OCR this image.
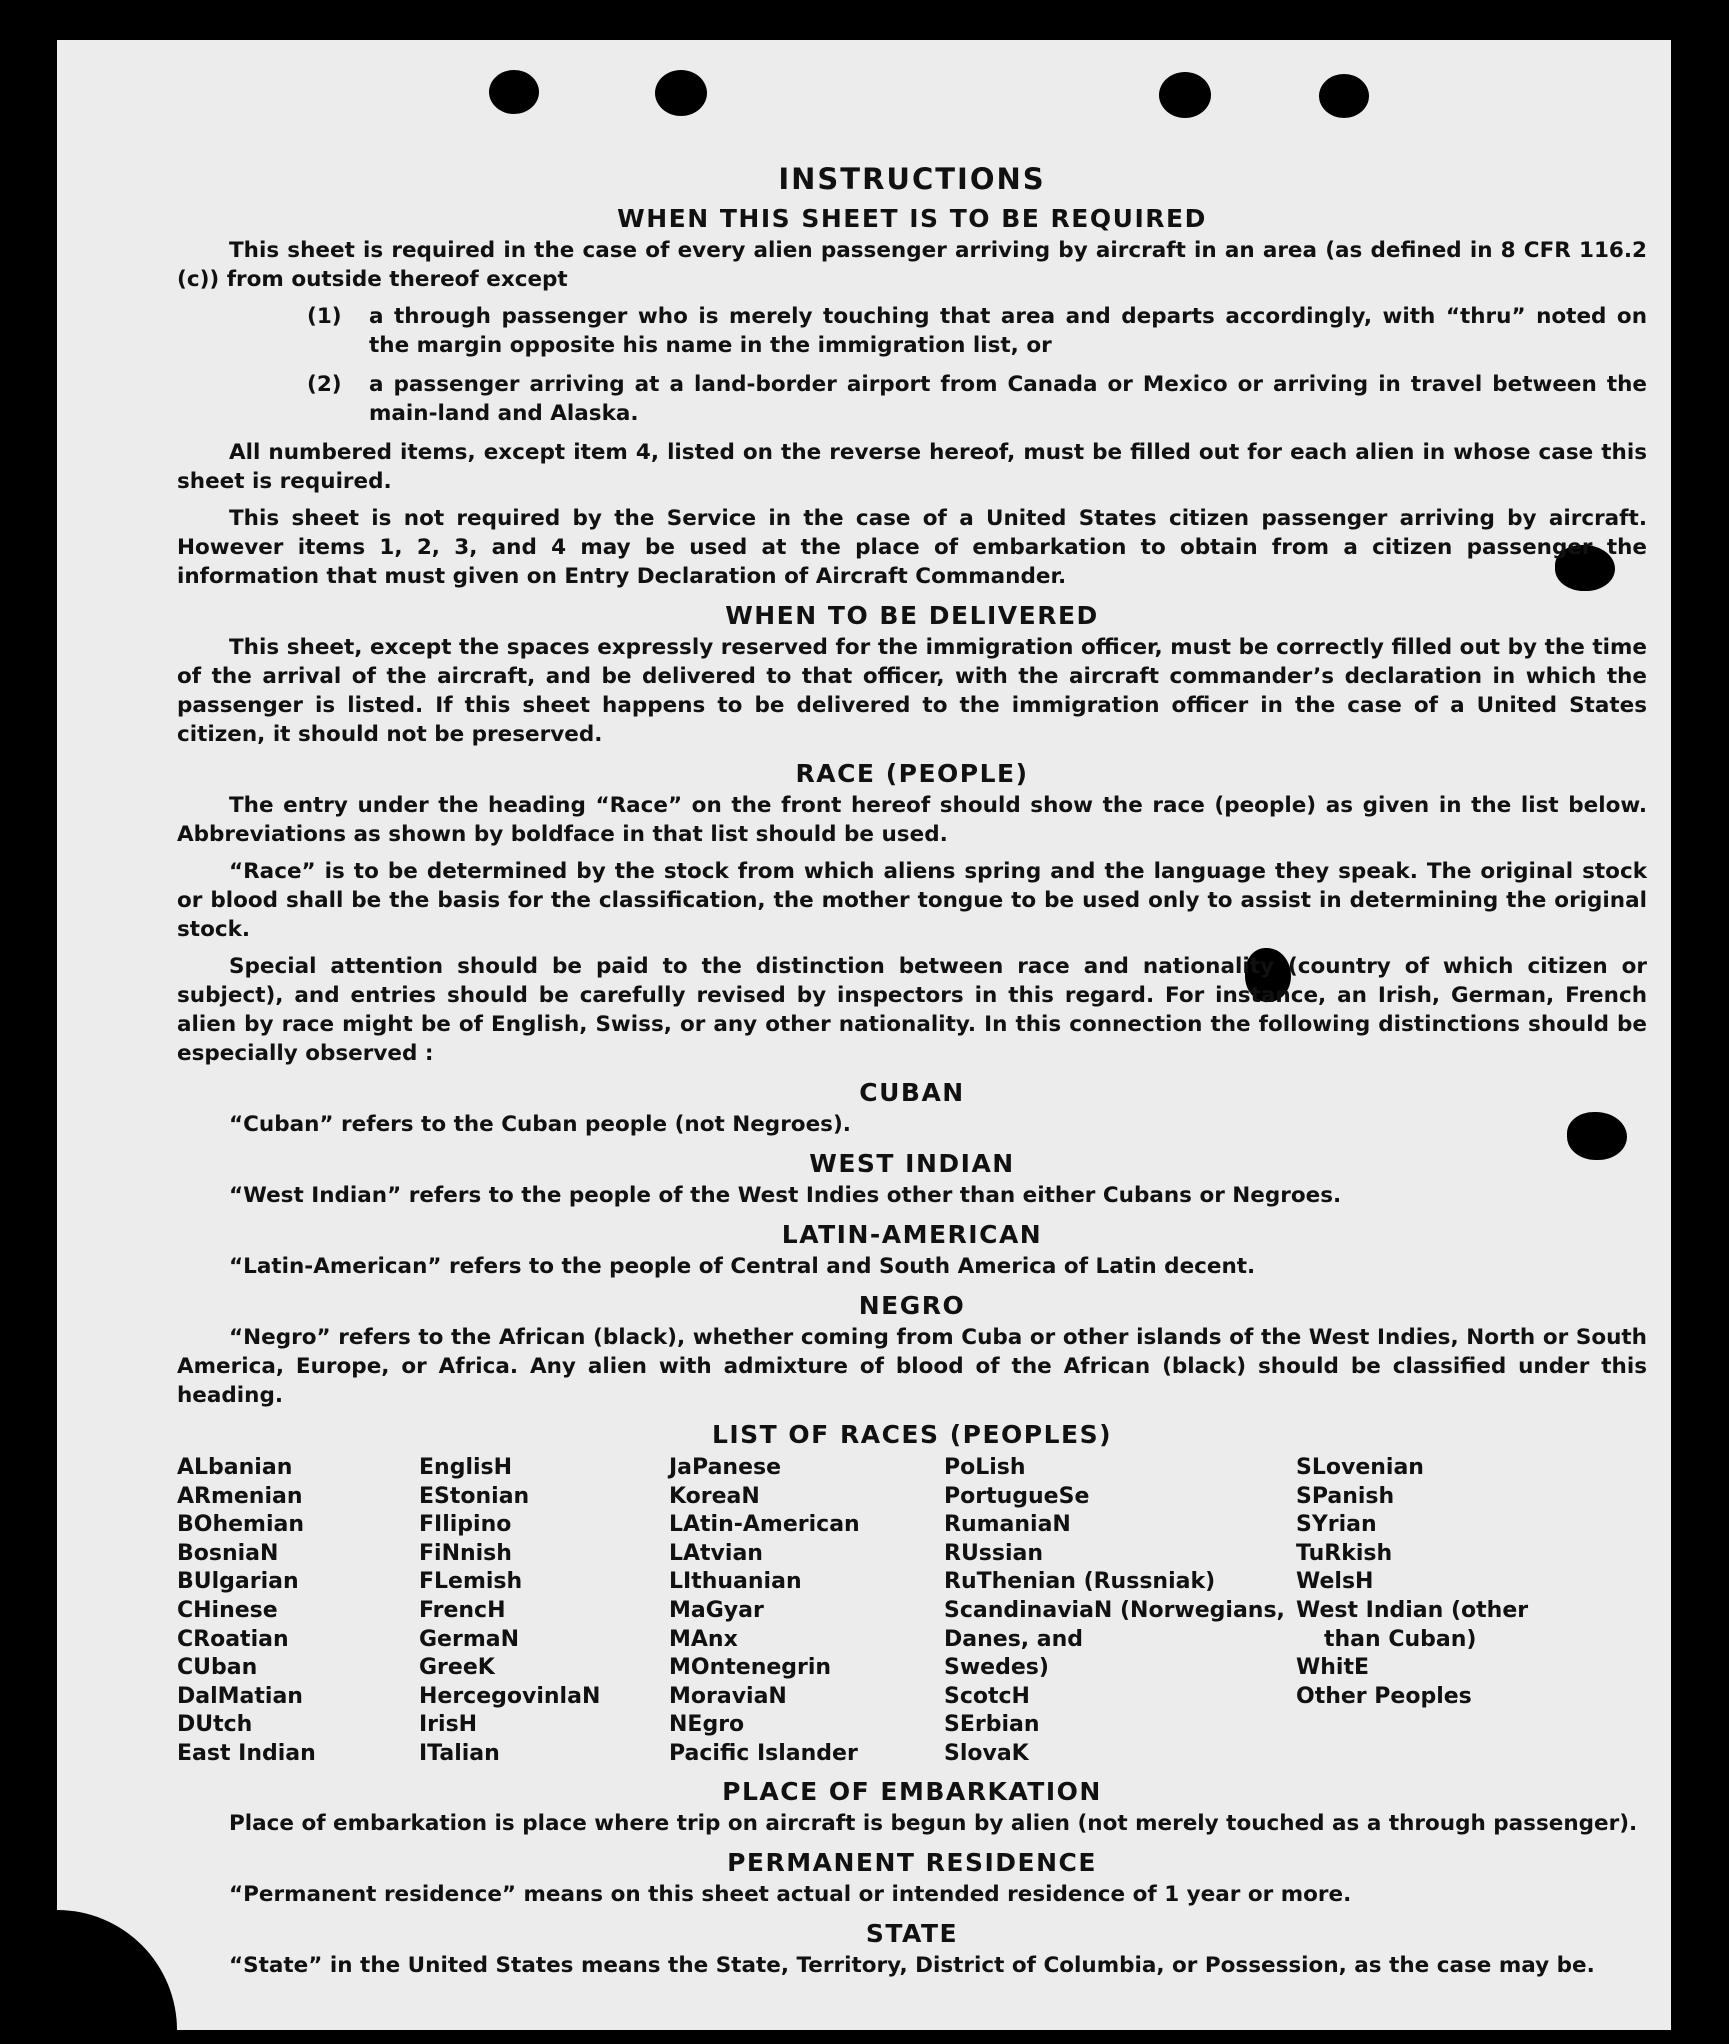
INSTRUCTIONS
WHEN THIS SHEET IS TO BE REQUIRED

This sheet is required in the case of every alien passenger arriving by aircraft in an area (as defined in 8 CFR 116.2 (c)) from outside thereof except

(1)	a through passenger who is merely touching that area and departs accordingly, with “thru” noted on the margin opposite his name in the immigration list, or
(2)	a passenger arriving at a land-border airport from Canada or Mexico or arriving in travel between the main-land and Alaska.

All numbered items, except item 4, listed on the reverse hereof, must be filled out for each alien in whose case this sheet is required.

This sheet is not required by the Service in the case of a United States citizen passenger arriving by aircraft. However items 1, 2, 3, and 4 may be used at the place of embarkation to obtain from a citizen passenger the information that must given on Entry Declaration of Aircraft Commander.

WHEN TO BE DELIVERED

This sheet, except the spaces expressly reserved for the immigration officer, must be correctly filled out by the time of the arrival of the aircraft, and be delivered to that officer, with the aircraft commander’s declaration in which the passenger is listed. If this sheet happens to be delivered to the immigration officer in the case of a United States citizen, it should not be preserved.

RACE (PEOPLE)

The entry under the heading “Race” on the front hereof should show the race (people) as given in the list below. Abbreviations as shown by boldface in that list should be used.

“Race” is to be determined by the stock from which aliens spring and the language they speak. The original stock or blood shall be the basis for the classification, the mother tongue to be used only to assist in determining the original stock.

Special attention should be paid to the distinction between race and nationality (country of which citizen or subject), and entries should be carefully revised by inspectors in this regard. For instance, an Irish, German, French alien by race might be of English, Swiss, or any other nationality. In this connection the following distinctions should be especially observed :

CUBAN

“Cuban” refers to the Cuban people (not Negroes).

WEST INDIAN

“West Indian” refers to the people of the West Indies other than either Cubans or Negroes.

LATIN-AMERICAN

“Latin-American” refers to the people of Central and South America of Latin decent.

NEGRO

“Negro” refers to the African (black), whether coming from Cuba or other islands of the West Indies, North or South America, Europe, or Africa. Any alien with admixture of blood of the African (black) should be classified under this heading.

LIST OF RACES (PEOPLES)
ALbanian
ARmenian
BOhemian
BosniaN
BUlgarian
CHinese
CRoatian
CUban
DalMatian
DUtch
East Indian
EnglisH
EStonian
FIlipino
FiNnish
FLemish
FrencH
GermaN
GreeK
HercegovinlaN
IrisH
ITalian
JaPanese
KoreaN
LAtin-American
LAtvian
LIthuanian
MaGyar
MAnx
MOntenegrin
MoraviaN
NEgro
Pacific Islander
PoLish
PortugueSe
RumaniaN
RUssian
RuThenian (Russniak)
ScandinaviaN (Norwegians,
Danes, and
Swedes)
ScotcH
SErbian
SlovaK
SLovenian
SPanish
SYrian
TuRkish
WelsH
West Indian (other
than Cuban)
WhitE
Other Peoples
PLACE OF EMBARKATION

Place of embarkation is place where trip on aircraft is begun by alien (not merely touched as a through passenger).

PERMANENT RESIDENCE

“Permanent residence” means on this sheet actual or intended residence of 1 year or more.

STATE

“State” in the United States means the State, Territory, District of Columbia, or Possession, as the case may be.
